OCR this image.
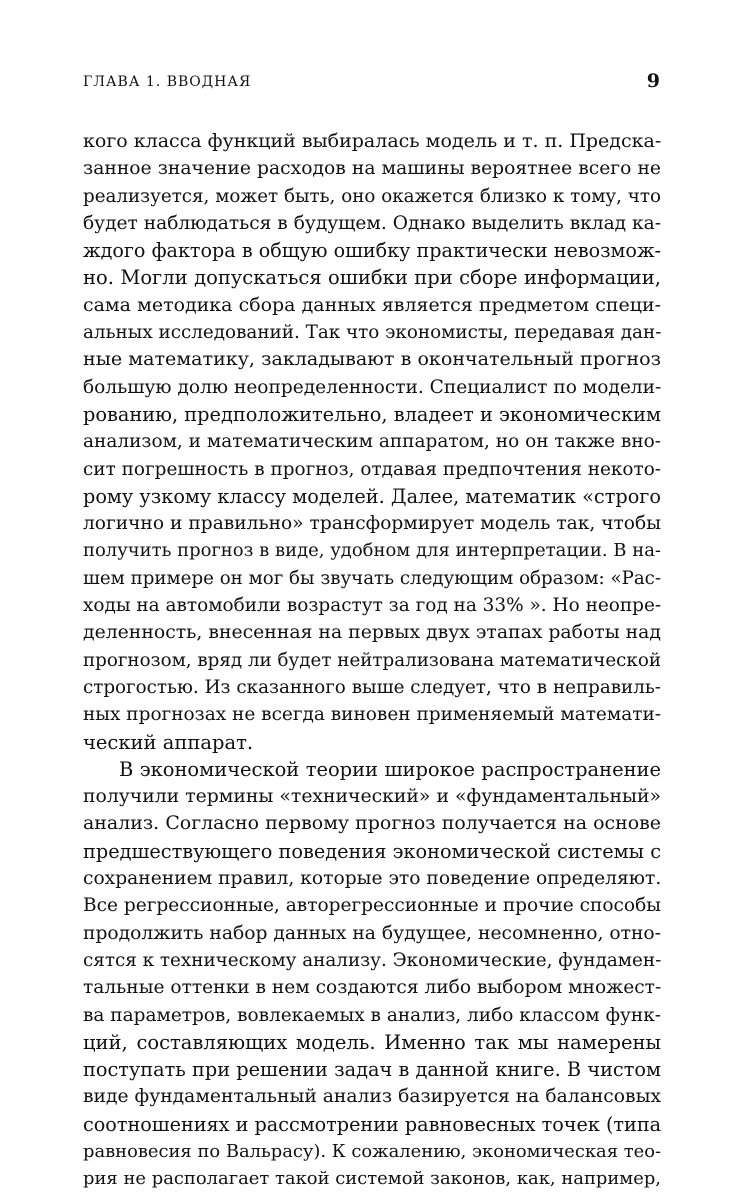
ГЛАВА 1. ВВОДНАЯ	9
кого класса функций выбиралась модель и т. п. Предска-
занное значение расходов на машины вероятнее всего не
реализуется, может быть, оно окажется близко к тому, что
будет наблюдаться в будущем. Однако выделить вклад ка-
ждого фактора в общую ошибку практически невозмож-
но. Могли допускаться ошибки при сборе информации,
сама методика сбора данных является предметом специ-
альных исследований. Так что экономисты, передавая дан-
ные математику, закладывают в окончательный прогноз
большую долю неопределенности. Специалист по модели-
рованию, предположительно, владеет и экономическим
анализом, и математическим аппаратом, но он также вно-
сит погрешность в прогноз, отдавая предпочтения некото-
рому узкому классу моделей. Далее, математик «строго
логично и правильно» трансформирует модель так, чтобы
получить прогноз в виде, удобном для интерпретации. В на-
шем примере он мог бы звучать следующим образом: «Рас-
ходы на автомобили возрастут за год на 33% ». Но неопре-
деленность, внесенная на первых двух этапах работы над
прогнозом, вряд ли будет нейтрализована математической
строгостью. Из сказанного выше следует, что в неправиль-
ных прогнозах не всегда виновен применяемый математи-
ческий аппарат.
В экономической теории широкое распространение
получили термины «технический» и «фундаментальный»
анализ. Согласно первому прогноз получается на основе
предшествующего поведения экономической системы с
сохранением правил, которые это поведение определяют.
Все регрессионные, авторегрессионные и прочие способы
продолжить набор данных на будущее, несомненно, отно-
сятся к техническому анализу. Экономические, фундамен-
тальные оттенки в нем создаются либо выбором множест-
ва параметров, вовлекаемых в анализ, либо классом функ-
ций, составляющих модель. Именно так мы намерены
поступать при решении задач в данной книге. В чистом
виде фундаментальный анализ базируется на балансовых
соотношениях и рассмотрении равновесных точек (типа
равновесия по Вальрасу). К сожалению, экономическая тео-
рия не располагает такой системой законов, как, например,
